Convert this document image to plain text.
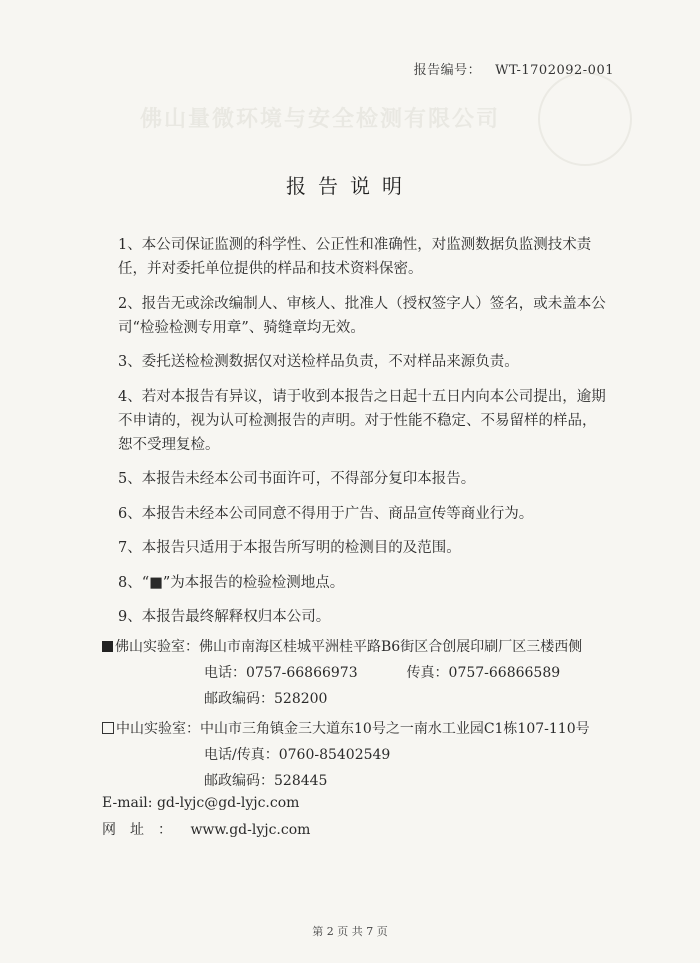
佛山量微环境与安全检测有限公司
报告编号： WT-1702092-001
报告说明

1、本公司保证监测的科学性、公正性和准确性，对监测数据负监测技术责任，并对委托单位提供的样品和技术资料保密。

2、报告无或涂改编制人、审核人、批准人（授权签字人）签名，或未盖本公司“检验检测专用章”、骑缝章均无效。

3、委托送检检测数据仅对送检样品负责，不对样品来源负责。

4、若对本报告有异议，请于收到本报告之日起十五日内向本公司提出，逾期不申请的，视为认可检测报告的声明。对于性能不稳定、不易留样的样品，恕不受理复检。

5、本报告未经本公司书面许可，不得部分复印本报告。

6、本报告未经本公司同意不得用于广告、商品宣传等商业行为。

7、本报告只适用于本报告所写明的检测目的及范围。

8、“■”为本报告的检验检测地点。

9、本报告最终解释权归本公司。

佛山实验室：佛山市南海区桂城平洲桂平路B6街区合创展印刷厂区三楼西侧
电话：0757-66866973	传真：0757-66866589
邮政编码：528200
中山实验室：中山市三角镇金三大道东10号之一南水工业园C1栋107-110号
电话/传真：0760-85402549
邮政编码：528445
E-mail: gd-lyjc@gd-lyjc.com
网址： www.gd-lyjc.com
第 2 页 共 7 页
